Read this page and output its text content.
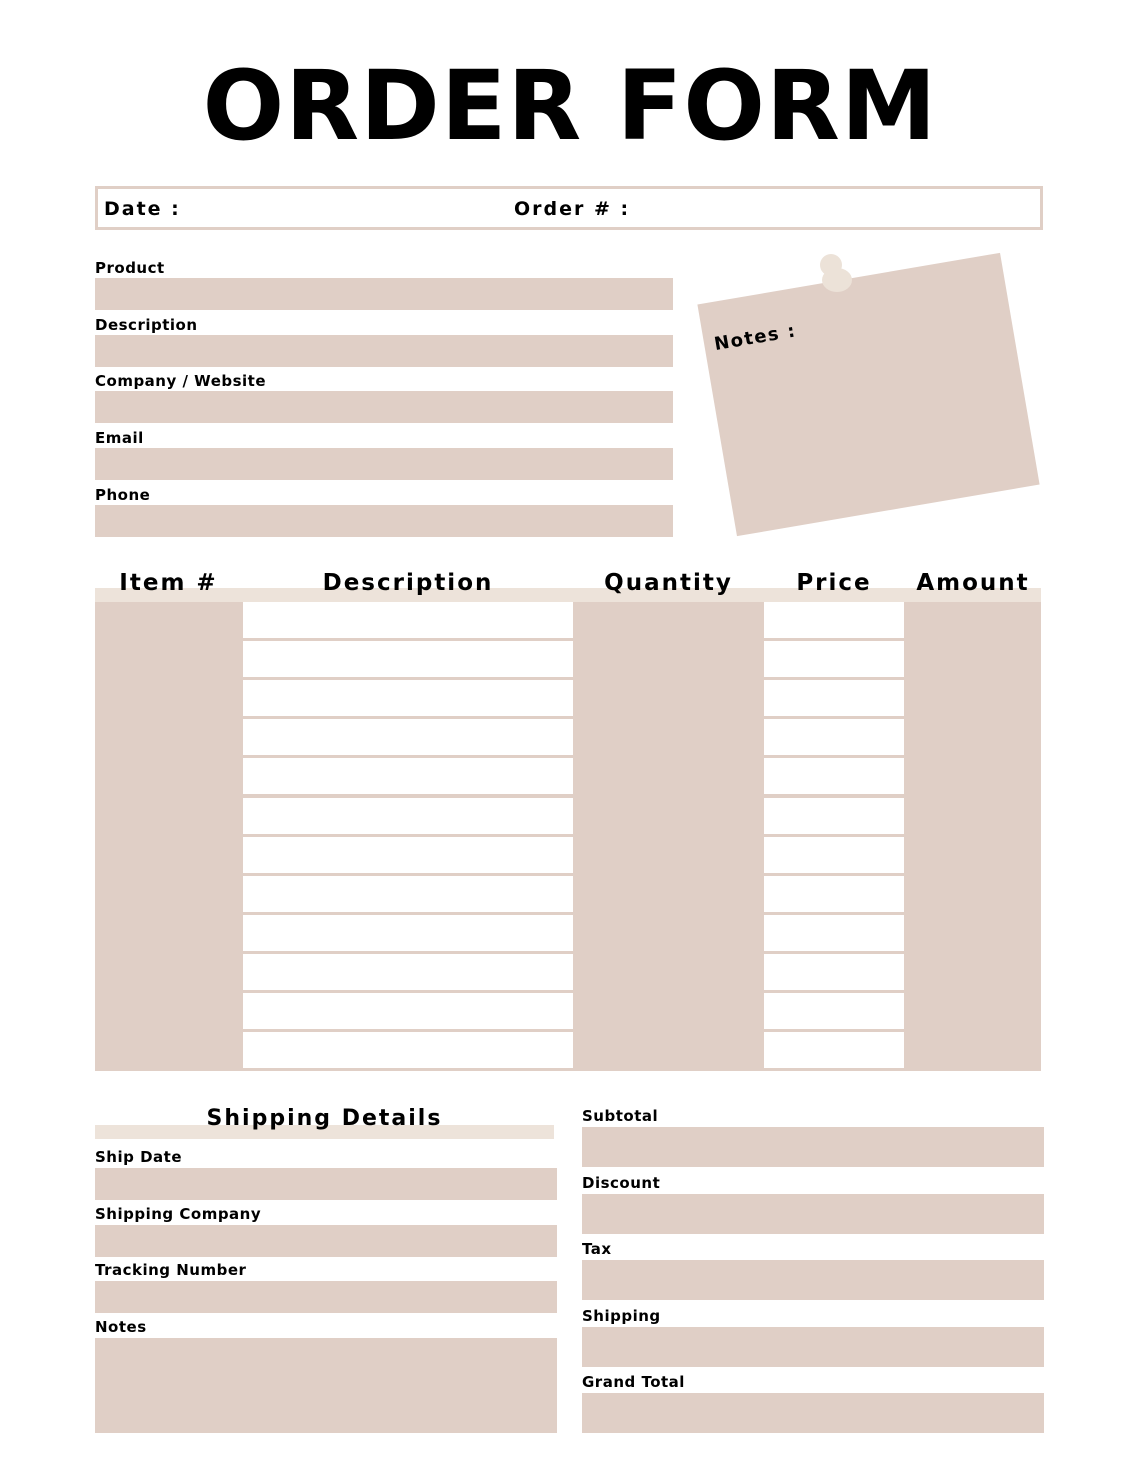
ORDER FORM
Date :	Order # :
Notes :
Shipping Details
Product
Description
Company / Website
Email
Phone
Item #	Description	Quantity	Price	Amount
Ship Date
Shipping Company
Tracking Number
Notes
Subtotal
Discount
Tax
Shipping
Grand Total
